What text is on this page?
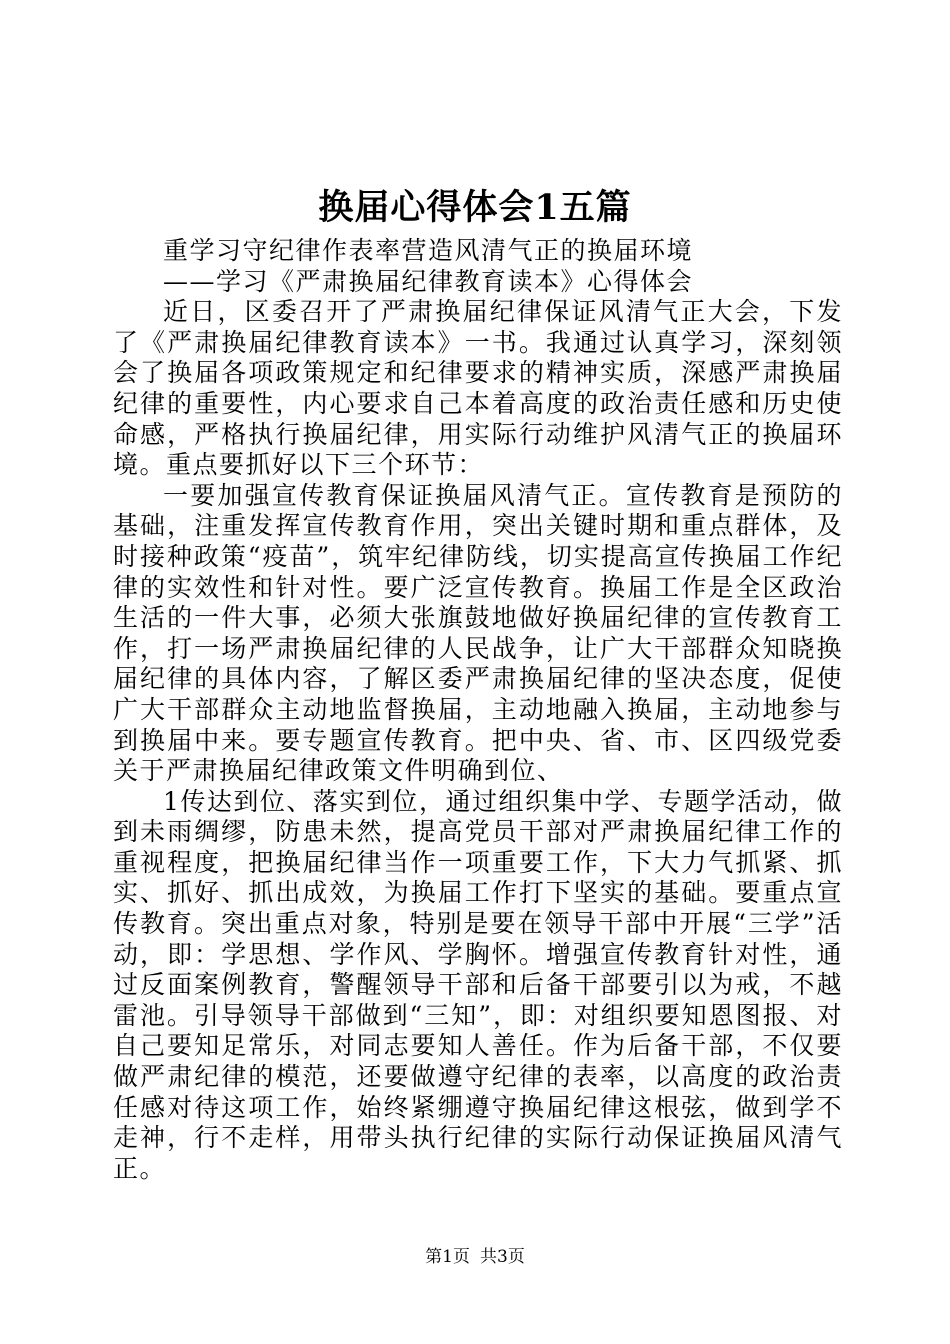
换届心得体会1五篇

重学习守纪律作表率营造风清气正的换届环境

——学习《严肃换届纪律教育读本》心得体会

近日，区委召开了严肃换届纪律保证风清气正大会，下发了《严肃换届纪律教育读本》一书。我通过认真学习，深刻领会了换届各项政策规定和纪律要求的精神实质，深感严肃换届纪律的重要性，内心要求自己本着高度的政治责任感和历史使命感，严格执行换届纪律，用实际行动维护风清气正的换届环境。重点要抓好以下三个环节：

一要加强宣传教育保证换届风清气正。宣传教育是预防的基础，注重发挥宣传教育作用，突出关键时期和重点群体，及时接种政策“疫苗”，筑牢纪律防线，切实提高宣传换届工作纪律的实效性和针对性。要广泛宣传教育。换届工作是全区政治生活的一件大事，必须大张旗鼓地做好换届纪律的宣传教育工作，打一场严肃换届纪律的人民战争，让广大干部群众知晓换届纪律的具体内容，了解区委严肃换届纪律的坚决态度，促使广大干部群众主动地监督换届，主动地融入换届，主动地参与到换届中来。要专题宣传教育。把中央、省、市、区四级党委关于严肃换届纪律政策文件明确到位、

1传达到位、落实到位，通过组织集中学、专题学活动，做到未雨绸缪，防患未然，提高党员干部对严肃换届纪律工作的重视程度，把换届纪律当作一项重要工作，下大力气抓紧、抓实、抓好、抓出成效，为换届工作打下坚实的基础。要重点宣传教育。突出重点对象，特别是要在领导干部中开展“三学”活动，即：学思想、学作风、学胸怀。增强宣传教育针对性，通过反面案例教育，警醒领导干部和后备干部要引以为戒，不越雷池。引导领导干部做到“三知”，即：对组织要知恩图报、对自己要知足常乐，对同志要知人善任。作为后备干部，不仅要做严肃纪律的模范，还要做遵守纪律的表率，以高度的政治责任感对待这项工作，始终紧绷遵守换届纪律这根弦，做到学不走神，行不走样，用带头执行纪律的实际行动保证换届风清气正。

第1页 共3页
